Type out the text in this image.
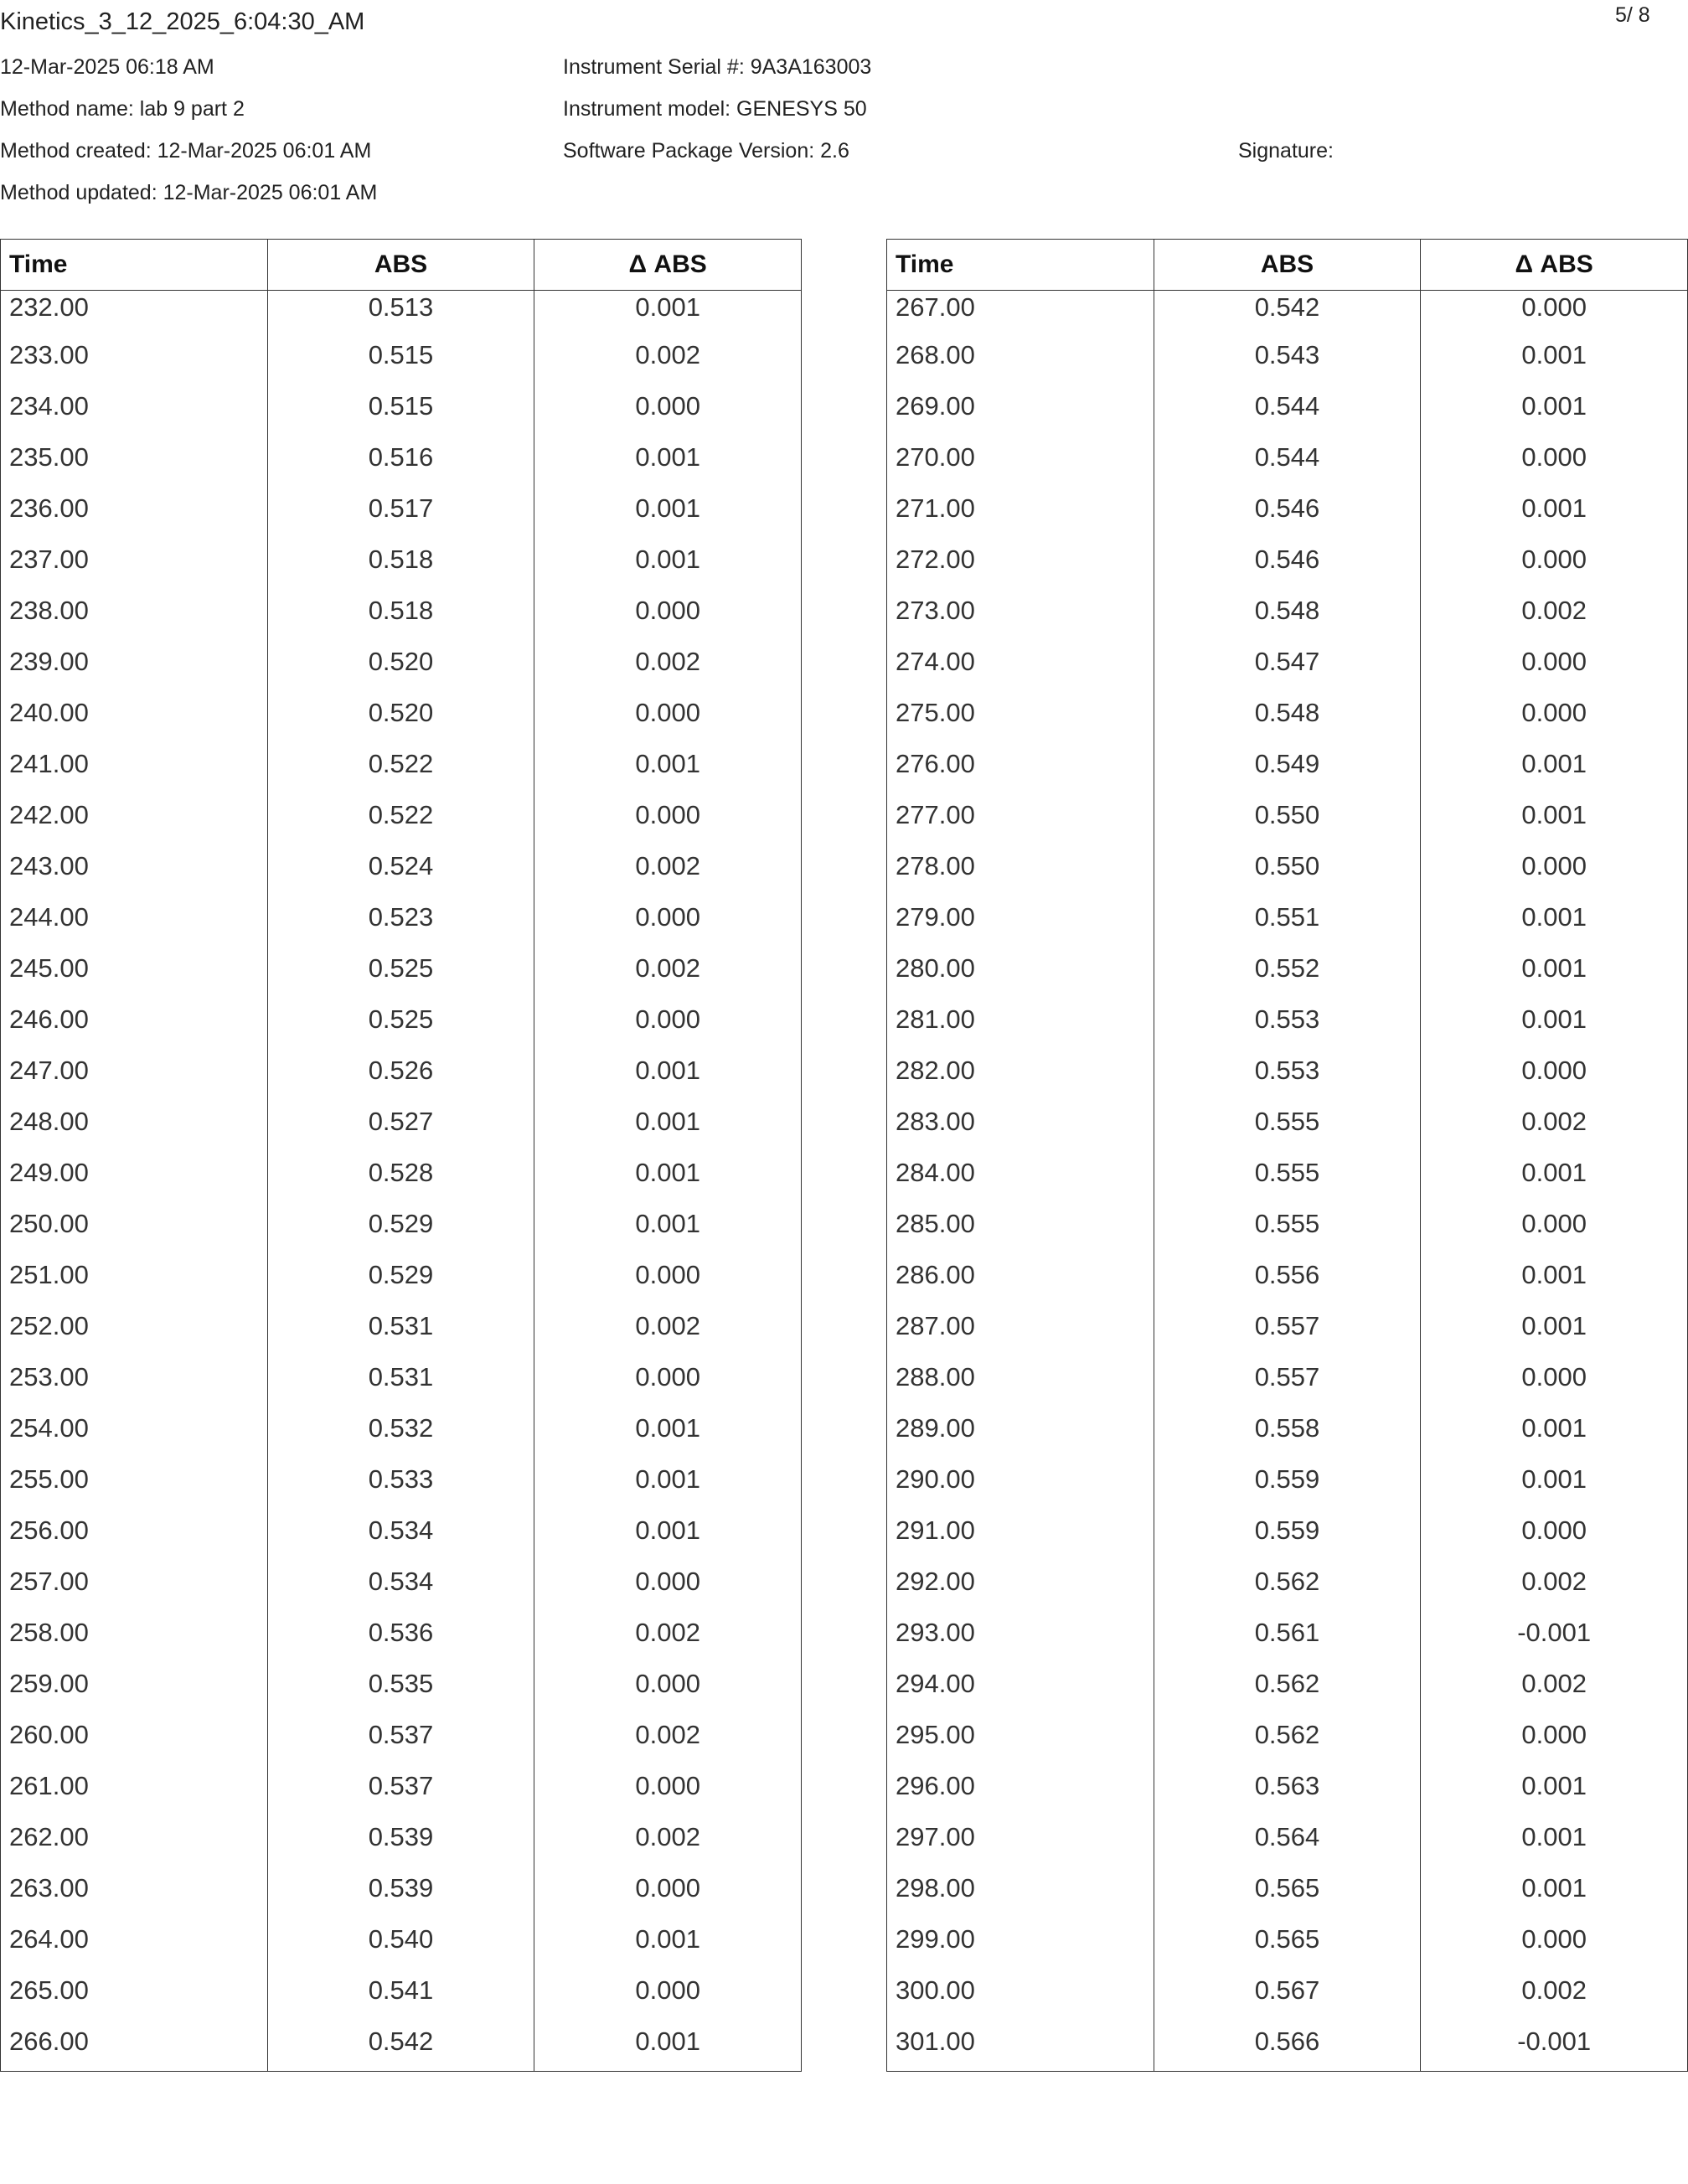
Kinetics_3_12_2025_6:04:30_AM	5/ 8
12-Mar-2025 06:18 AM
Method name: lab 9 part 2
Method created: 12-Mar-2025 06:01 AM
Method updated: 12-Mar-2025 06:01 AM
Instrument Serial #: 9A3A163003
Instrument model: GENESYS 50
Software Package Version: 2.6	Signature:
Time	ABS	Δ ABS
232.00	0.513	0.001
233.00	0.515	0.002
234.00	0.515	0.000
235.00	0.516	0.001
236.00	0.517	0.001
237.00	0.518	0.001
238.00	0.518	0.000
239.00	0.520	0.002
240.00	0.520	0.000
241.00	0.522	0.001
242.00	0.522	0.000
243.00	0.524	0.002
244.00	0.523	0.000
245.00	0.525	0.002
246.00	0.525	0.000
247.00	0.526	0.001
248.00	0.527	0.001
249.00	0.528	0.001
250.00	0.529	0.001
251.00	0.529	0.000
252.00	0.531	0.002
253.00	0.531	0.000
254.00	0.532	0.001
255.00	0.533	0.001
256.00	0.534	0.001
257.00	0.534	0.000
258.00	0.536	0.002
259.00	0.535	0.000
260.00	0.537	0.002
261.00	0.537	0.000
262.00	0.539	0.002
263.00	0.539	0.000
264.00	0.540	0.001
265.00	0.541	0.000
266.00	0.542	0.001
Time	ABS	Δ ABS
267.00	0.542	0.000
268.00	0.543	0.001
269.00	0.544	0.001
270.00	0.544	0.000
271.00	0.546	0.001
272.00	0.546	0.000
273.00	0.548	0.002
274.00	0.547	0.000
275.00	0.548	0.000
276.00	0.549	0.001
277.00	0.550	0.001
278.00	0.550	0.000
279.00	0.551	0.001
280.00	0.552	0.001
281.00	0.553	0.001
282.00	0.553	0.000
283.00	0.555	0.002
284.00	0.555	0.001
285.00	0.555	0.000
286.00	0.556	0.001
287.00	0.557	0.001
288.00	0.557	0.000
289.00	0.558	0.001
290.00	0.559	0.001
291.00	0.559	0.000
292.00	0.562	0.002
293.00	0.561	-0.001
294.00	0.562	0.002
295.00	0.562	0.000
296.00	0.563	0.001
297.00	0.564	0.001
298.00	0.565	0.001
299.00	0.565	0.000
300.00	0.567	0.002
301.00	0.566	-0.001
